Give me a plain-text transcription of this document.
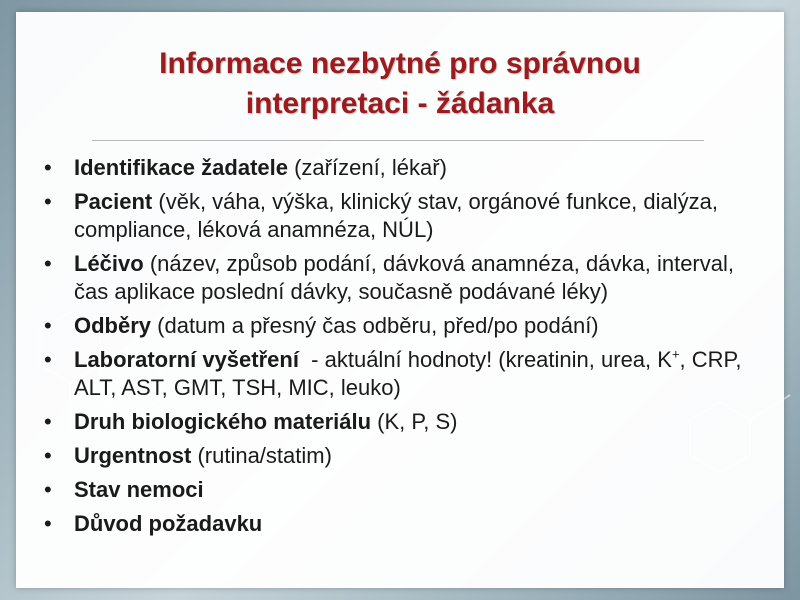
Informace nezbytné pro správnou
interpretaci - žádanka
• Identifikace žadatele (zařízení, lékař)
• Pacient (věk, váha, výška, klinický stav, orgánové funkce, dialýza, compliance, léková anamnéza, NÚL)
• Léčivo (název, způsob podání, dávková anamnéza, dávka, interval, čas aplikace poslední dávky, současně podávané léky)
• Odběry (datum a přesný čas odběru, před/po podání)
• Laboratorní vyšetření  - aktuální hodnoty! (kreatinin, urea, K+, CRP, ALT, AST, GMT, TSH, MIC, leuko)
• Druh biologického materiálu (K, P, S)
• Urgentnost (rutina/statim)
• Stav nemoci
• Důvod požadavku
